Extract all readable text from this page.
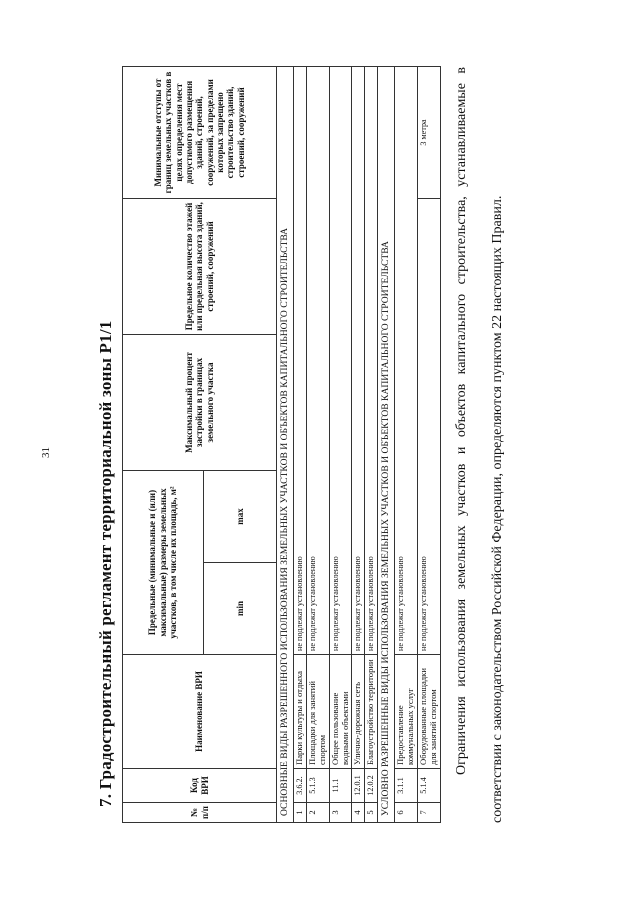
31	7. Градостроительный регламент территориальной зоны Р1/1
№ п/п	Код ВРИ	Наименование ВРИ	Предельные (минимальные и (или) максимальные) размеры земельных участков, в том числе их площадь, м²		Максимальный процент застройки в границах земельного участка	Предельное количество этажей или предельная высота зданий, строений, сооружений	Минимальные отступы от границ земельных участков в целях определения мест допустимого размещения зданий, строений, сооружений, за пределами которых запрещено строительство зданий, строений, сооружений
			min	max			
ОСНОВНЫЕ ВИДЫ РАЗРЕШЕННОГО ИСПОЛЬЗОВАНИЯ ЗЕМЕЛЬНЫХ УЧАСТКОВ И ОБЪЕКТОВ КАПИТАЛЬНОГО СТРОИТЕЛЬСТВА							
1	3.6.2.	Парки культуры и отдыха	не подлежат установлению				
2	5.1.3	Площадки для занятий спортом	не подлежат установлению				
3	11.1	Общее пользование водными объектами	не подлежат установлению				
4	12.0.1	Улично-дорожная сеть	не подлежат установлению				
5	12.0.2	Благоустройство территории	не подлежат установлению				
УСЛОВНО РАЗРЕШЕННЫЕ ВИДЫ ИСПОЛЬЗОВАНИЯ ЗЕМЕЛЬНЫХ УЧАСТКОВ И ОБЪЕКТОВ КАПИТАЛЬНОГО СТРОИТЕЛЬСТВА							
6	3.1.1	Предоставление коммунальных услуг	не подлежат установлению				
7	5.1.4	Оборудованные площадки для занятий спортом	не подлежат установлению				3 метра	Ограничения использования земельных участков и объектов капитального строительства, устанавливаемые в соответствии с законодательством Российской Федерации, определяются пунктом 22 настоящих Правил.
